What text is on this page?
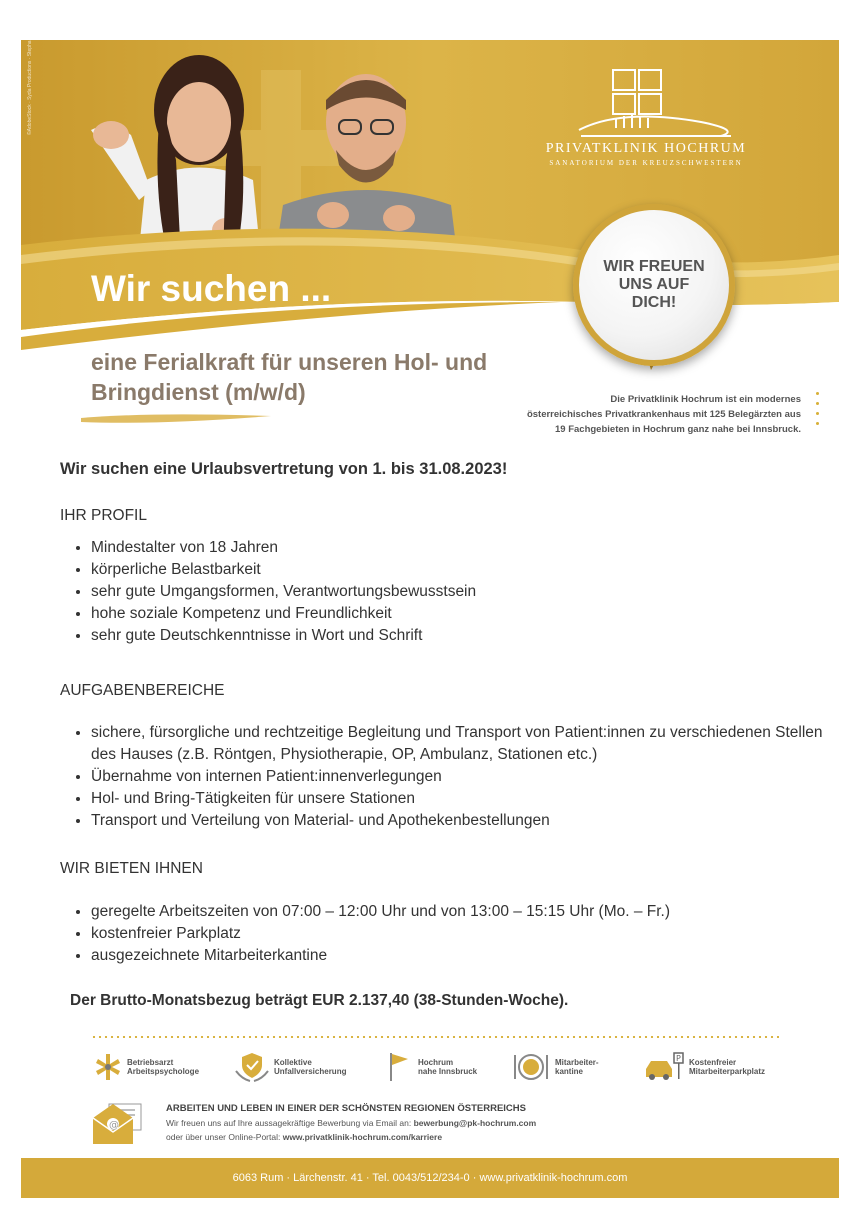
©AdobeStock · Syda Productions · Stephanie Studio
PRIVATKLINIK HOCHRUM
SANATORIUM DER KREUZSCHWESTERN
Wir suchen ...
WIR FREUEN UNS AUF DICH!
eine Ferialkraft für unseren Hol- und Bringdienst (m/w/d)	Die Privatklinik Hochrum ist ein modernes
österreichisches Privatkrankenhaus mit 125 Belegärzten aus
19 Fachgebieten in Hochrum ganz nahe bei Innsbruck.
Wir suchen eine Urlaubsvertretung von 1. bis 31.08.2023!
IHR PROFIL
• Mindestalter von 18 Jahren
• körperliche Belastbarkeit
• sehr gute Umgangsformen, Verantwortungsbewusstsein
• hohe soziale Kompetenz und Freundlichkeit
• sehr gute Deutschkenntnisse in Wort und Schrift
AUFGABENBEREICHE
• sichere, fürsorgliche und rechtzeitige Begleitung und Transport von Patient:innen zu verschiedenen Stellen des Hauses (z.B. Röntgen, Physiotherapie, OP, Ambulanz, Stationen etc.)
• Übernahme von internen Patient:innenverlegungen
• Hol- und Bring-Tätigkeiten für unsere Stationen
• Transport und Verteilung von Material- und Apothekenbestellungen
WIR BIETEN IHNEN
• geregelte Arbeitszeiten von 07:00 – 12:00 Uhr und von 13:00 – 15:15 Uhr (Mo. – Fr.)
• kostenfreier Parkplatz
• ausgezeichnete Mitarbeiterkantine
Der Brutto-Monatsbezug beträgt EUR 2.137,40 (38-Stunden-Woche).
Betriebsarzt
Arbeitspsychologe
Kollektive
Unfallversicherung
Hochrum
nahe Innsbruck
Mitarbeiter-
kantine
P Kostenfreier
Mitarbeiterparkplatz
@
ARBEITEN UND LEBEN IN EINER DER SCHÖNSTEN REGIONEN ÖSTERREICHS
Wir freuen uns auf Ihre aussagekräftige Bewerbung via Email an: bewerbung@pk-hochrum.com
oder über unser Online-Portal: www.privatklinik-hochrum.com/karriere
6063 Rum · Lärchenstr. 41 · Tel. 0043/512/234-0 · www.privatklinik-hochrum.com
